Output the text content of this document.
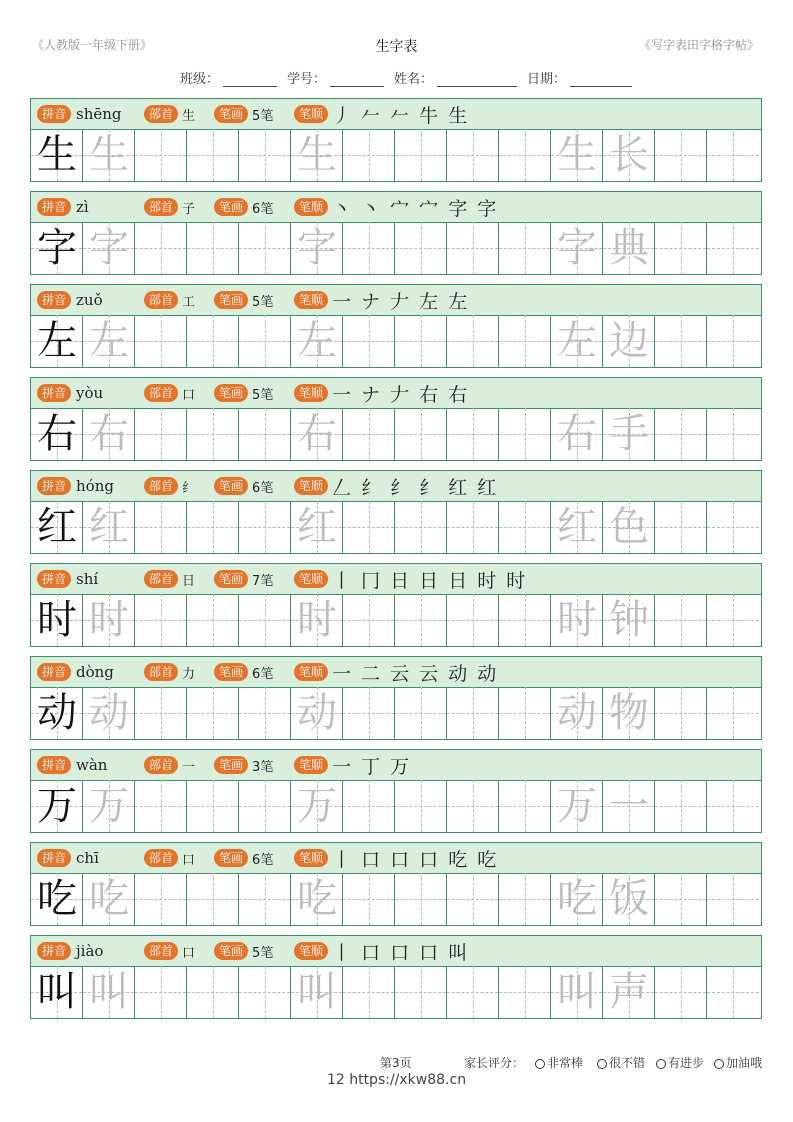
《人教版一年级下册》	生字表	《写字表田字格字帖》
班级：	学号：	姓名：	日期：
拼音 shēng	部首 生	笔画 5笔	笔顺 丿 𠂉 𠂉 牛 生
生 生	生	生 长
拼音 zì	部首 子	笔画 6笔	笔顺 丶 丶 宀 宀 字 字
字 字	字	字 典
拼音 zuǒ	部首 工	笔画 5笔	笔顺 一 ナ 𠂇 左 左
左 左	左	左 边
拼音 yòu	部首 口	笔画 5笔	笔顺 一 ナ 𠂇 右 右
右 右	右	右 手
拼音 hóng	部首 纟	笔画 6笔	笔顺 𠃋 纟 纟 纟 红 红
红 红	红	红 色
拼音 shí	部首 日	笔画 7笔	笔顺 丨 冂 日 日 日 时 时
时 时	时	时 钟
拼音 dòng	部首 力	笔画 6笔	笔顺 一 二 云 云 动 动
动 动	动	动 物
拼音 wàn	部首 一	笔画 3笔	笔顺 一 丁 万
万 万	万	万 一
拼音 chī	部首 口	笔画 6笔	笔顺 丨 口 口 口 吃 吃
吃 吃	吃	吃 饭
拼音 jiào	部首 口	笔画 5笔	笔顺 丨 口 口 口 叫
叫 叫	叫	叫 声
第3页	家长评分：	非常棒	很不错	有进步	加油哦
12 https://xkw88.cn
